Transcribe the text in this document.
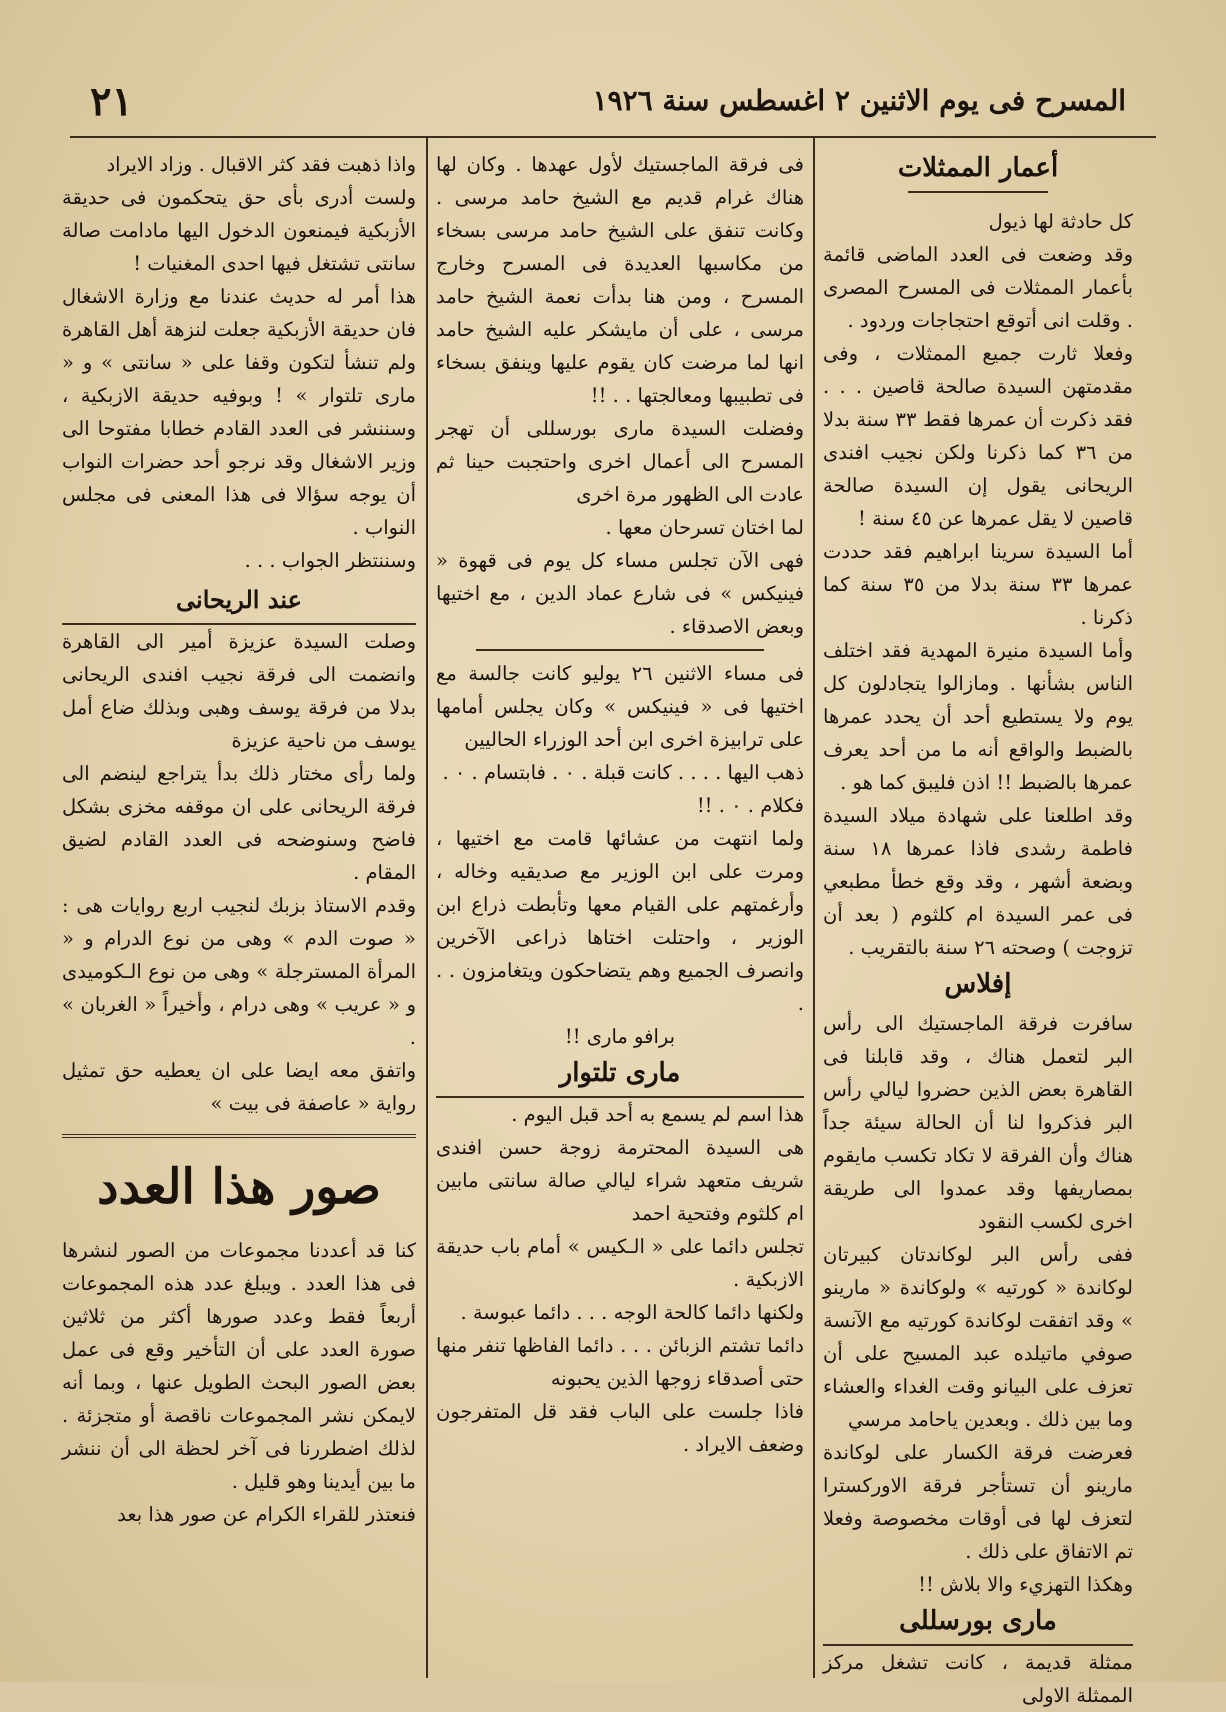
٢١	المسرح فى يوم الاثنين ٢ اغسطس سنة ١٩٢٦
أعمار الممثلات

كل حادثة لها ذيول

وقد وضعت فى العدد الماضى قائمة بأعمار الممثلات فى المسرح المصرى . وقلت انى أتوقع احتجاجات وردود .

وفعلا ثارت جميع الممثلات ، وفى مقدمتهن السيدة صالحة قاصين . . . فقد ذكرت أن عمرها فقط ٣٣ سنة بدلا من ٣٦ كما ذكرنا ولكن نجيب افندى الريحانى يقول إن السيدة صالحة قاصين لا يقل عمرها عن ٤٥ سنة !

أما السيدة سرينا ابراهيم فقد حددت عمرها ٣٣ سنة بدلا من ٣٥ سنة كما ذكرنا .

وأما السيدة منيرة المهدية فقد اختلف الناس بشأنها . ومازالوا يتجادلون كل يوم ولا يستطيع أحد أن يحدد عمرها بالضبط والواقع أنه ما من أحد يعرف عمرها بالضبط !! اذن فليبق كما هو .

وقد اطلعنا على شهادة ميلاد السيدة فاطمة رشدى فاذا عمرها ١٨ سنة وبضعة أشهر ، وقد وقع خطأ مطبعي فى عمر السيدة ام كلثوم ( بعد أن تزوجت ) وصحته ٢٦ سنة بالتقريب .

إفلاس

سافرت فرقة الماجستيك الى رأس البر لتعمل هناك ، وقد قابلنا فى القاهرة بعض الذين حضروا ليالي رأس البر فذكروا لنا أن الحالة سيئة جداً هناك وأن الفرقة لا تكاد تكسب مايقوم بمصاريفها وقد عمدوا الى طريقة اخرى لكسب النقود

ففى رأس البر لوكاندتان كبيرتان لوكاندة « كورتيه » ولوكاندة « مارينو » وقد اتفقت لوكاندة كورتيه مع الآنسة صوفي ماتيلده عبد المسيح على أن تعزف على البيانو وقت الغداء والعشاء وما بين ذلك . وبعدين ياحامد مرسي

فعرضت فرقة الكسار على لوكاندة مارينو أن تستأجر فرقة الاوركسترا لتعزف لها فى أوقات مخصوصة وفعلا تم الاتفاق على ذلك .

وهكذا التهزيء والا بلاش !!

مارى بورسللى

ممثلة قديمة ، كانت تشغل مركز الممثلة الاولى

فى فرقة الماجستيك لأول عهدها . وكان لها هناك غرام قديم مع الشيخ حامد مرسى . وكانت تنفق على الشيخ حامد مرسى بسخاء من مكاسبها العديدة فى المسرح وخارج المسرح ، ومن هنا بدأت نعمة الشيخ حامد مرسى ، على أن مايشكر عليه الشيخ حامد انها لما مرضت كان يقوم عليها وينفق بسخاء فى تطبيبها ومعالجتها . . !!

وفضلت السيدة مارى بورسللى أن تهجر المسرح الى أعمال اخرى واحتجبت حينا ثم عادت الى الظهور مرة اخرى

لما اختان تسرحان معها .

فهى الآن تجلس مساء كل يوم فى قهوة « فينيكس » فى شارع عماد الدين ، مع اختيها وبعض الاصدقاء .

فى مساء الاثنين ٢٦ يوليو كانت جالسة مع اختيها فى « فينيكس » وكان يجلس أمامها على ترابيزة اخرى ابن أحد الوزراء الحاليين

ذهب اليها . . . . كانت قبلة . ٠ . فابتسام . ٠ .

فكلام . ٠ . !!

ولما انتهت من عشائها قامت مع اختيها ، ومرت على ابن الوزير مع صديقيه وخاله ، وأرغمتهم على القيام معها وتأبطت ذراع ابن الوزير ، واحتلت اختاها ذراعى الآخرين وانصرف الجميع وهم يتضاحكون ويتغامزون . . .

برافو مارى !!

مارى تلتوار

هذا اسم لم يسمع به أحد قبل اليوم .

هى السيدة المحترمة زوجة حسن افندى شريف متعهد شراء ليالي صالة سانتى مابين ام كلثوم وفتحية احمد

تجلس دائما على « الـكيس » أمام باب حديقة الازبكية .

ولكنها دائما كالحة الوجه . . . دائما عبوسة .

دائما تشتم الزبائن . . . دائما الفاظها تنفر منها حتى أصدقاء زوجها الذين يحبونه

فاذا جلست على الباب فقد قل المتفرجون وضعف الايراد .

واذا ذهبت فقد كثر الاقبال . وزاد الايراد

ولست أدرى بأى حق يتحكمون فى حديقة الأزبكية فيمنعون الدخول اليها مادامت صالة سانتى تشتغل فيها احدى المغنيات !

هذا أمر له حديث عندنا مع وزارة الاشغال فان حديقة الأزبكية جعلت لنزهة أهل القاهرة ولم تنشأ لتكون وقفا على « سانتى » و « مارى تلتوار » ! وبوفيه حديقة الازبكية ، وسننشر فى العدد القادم خطابا مفتوحا الى وزير الاشغال وقد نرجو أحد حضرات النواب أن يوجه سؤالا فى هذا المعنى فى مجلس النواب .

وسننتظر الجواب . . .

عند الريحانى

وصلت السيدة عزيزة أمير الى القاهرة وانضمت الى فرقة نجيب افندى الريحانى بدلا من فرقة يوسف وهبى وبذلك ضاع أمل يوسف من ناحية عزيزة

ولما رأى مختار ذلك بدأ يتراجع لينضم الى فرقة الريحانى على ان موقفه مخزى بشكل فاضح وسنوضحه فى العدد القادم لضيق المقام .

وقدم الاستاذ بزبك لنجيب اربع روايات هى : « صوت الدم » وهى من نوع الدرام و « المرأة المسترجلة » وهى من نوع الـكوميدى و « عريب » وهى درام ، وأخيراً « الغربان » .

واتفق معه ايضا على ان يعطيه حق تمثيل رواية « عاصفة فى بيت »

صور هذا العدد

كنا قد أعددنا مجموعات من الصور لنشرها فى هذا العدد . ويبلغ عدد هذه المجموعات أربعاً فقط وعدد صورها أكثر من ثلاثين صورة العدد على أن التأخير وقع فى عمل بعض الصور البحث الطويل عنها ، وبما أنه لايمكن نشر المجموعات ناقصة أو متجزئة . لذلك اضطررنا فى آخر لحظة الى أن ننشر ما بين أيدينا وهو قليل .

فنعتذر للقراء الكرام عن صور هذا بعد
